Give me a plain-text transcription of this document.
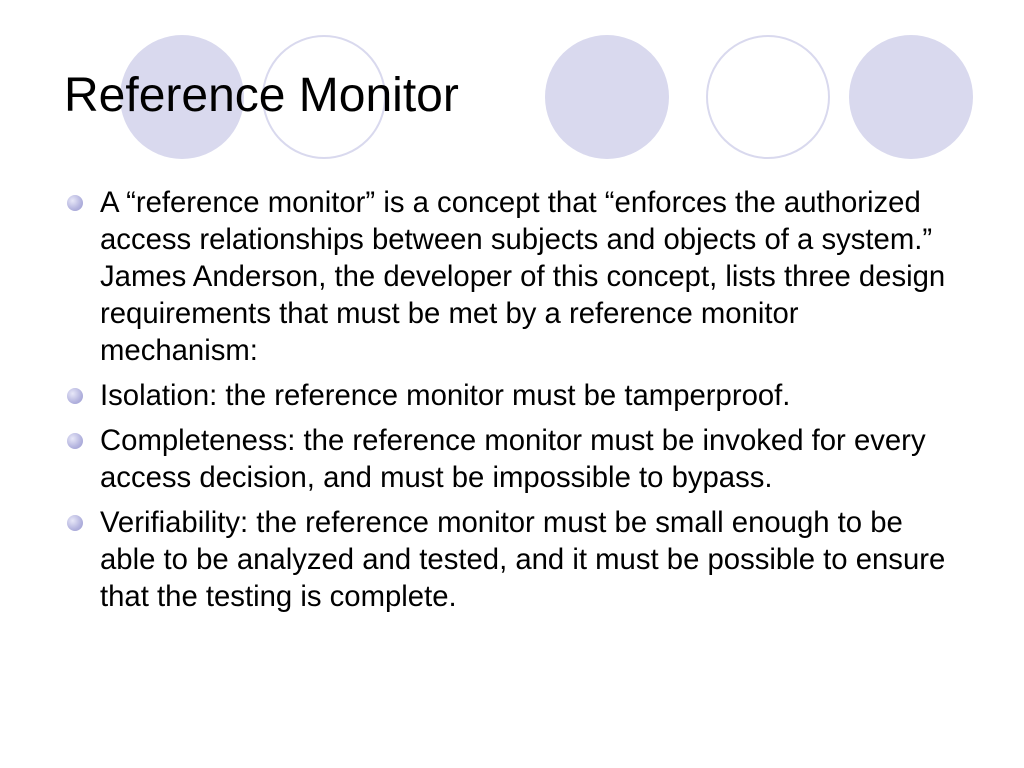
Reference Monitor
A “reference monitor” is a concept that “enforces the authorized access relationships between subjects and objects of a system.” James Anderson, the developer of this concept, lists three design requirements that must be met by a reference monitor mechanism:
Isolation: the reference monitor must be tamperproof.
Completeness: the reference monitor must be invoked for every access decision, and must be impossible to bypass.
Verifiability: the reference monitor must be small enough to be able to be analyzed and tested, and it must be possible to ensure that the testing is complete.
